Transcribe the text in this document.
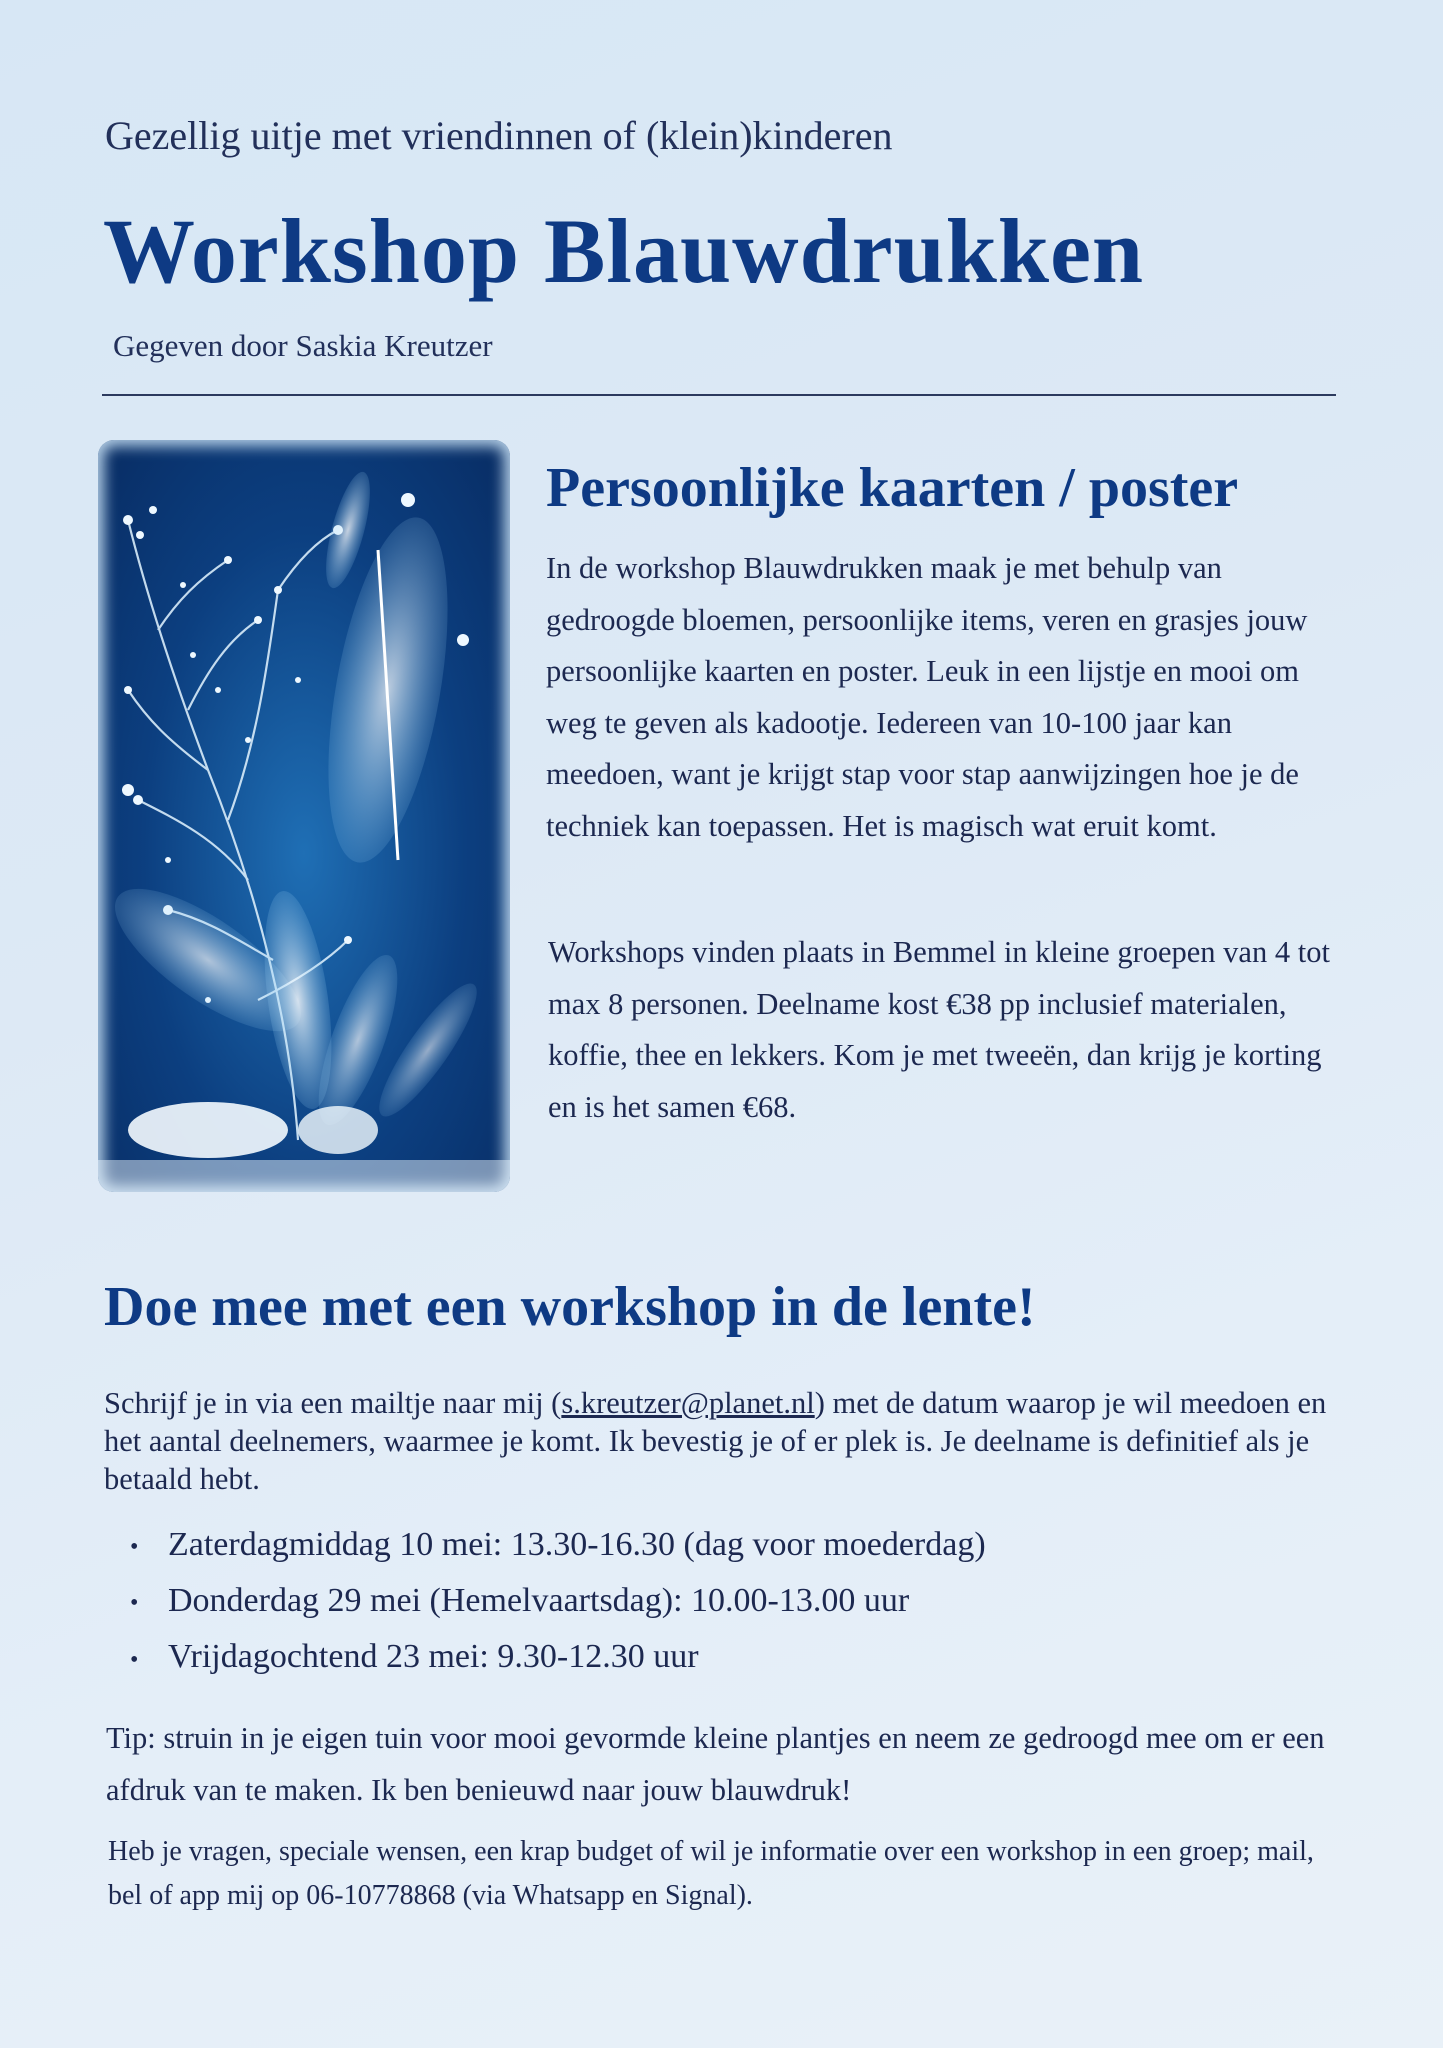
Gezellig uitje met vriendinnen of (klein)kinderen
Workshop Blauwdrukken
Gegeven door Saskia Kreutzer
Persoonlijke kaarten / poster
In de workshop Blauwdrukken maak je met behulp van gedroogde bloemen, persoonlijke items, veren en grasjes jouw persoonlijke kaarten en poster. Leuk in een lijstje en mooi om weg te geven als kadootje. Iedereen van 10-100 jaar kan meedoen, want je krijgt stap voor stap aanwijzingen hoe je de techniek kan toepassen. Het is magisch wat eruit komt.
Workshops vinden plaats in Bemmel in kleine groepen van 4 tot max 8 personen. Deelname kost €38 pp inclusief materialen, koffie, thee en lekkers. Kom je met tweeën, dan krijg je korting en is het samen €68.
Doe mee met een workshop in de lente!
Schrijf je in via een mailtje naar mij (s.kreutzer@planet.nl) met de datum waarop je wil meedoen en het aantal deelnemers, waarmee je komt. Ik bevestig je of er plek is. Je deelname is definitief als je betaald hebt.
• Zaterdagmiddag 10 mei: 13.30-16.30 (dag voor moederdag)
• Donderdag 29 mei (Hemelvaartsdag): 10.00-13.00 uur
• Vrijdagochtend 23 mei: 9.30-12.30 uur
Tip: struin in je eigen tuin voor mooi gevormde kleine plantjes en neem ze gedroogd mee om er een afdruk van te maken. Ik ben benieuwd naar jouw blauwdruk!
Heb je vragen, speciale wensen, een krap budget of wil je informatie over een workshop in een groep; mail, bel of app mij op 06-10778868 (via Whatsapp en Signal).
